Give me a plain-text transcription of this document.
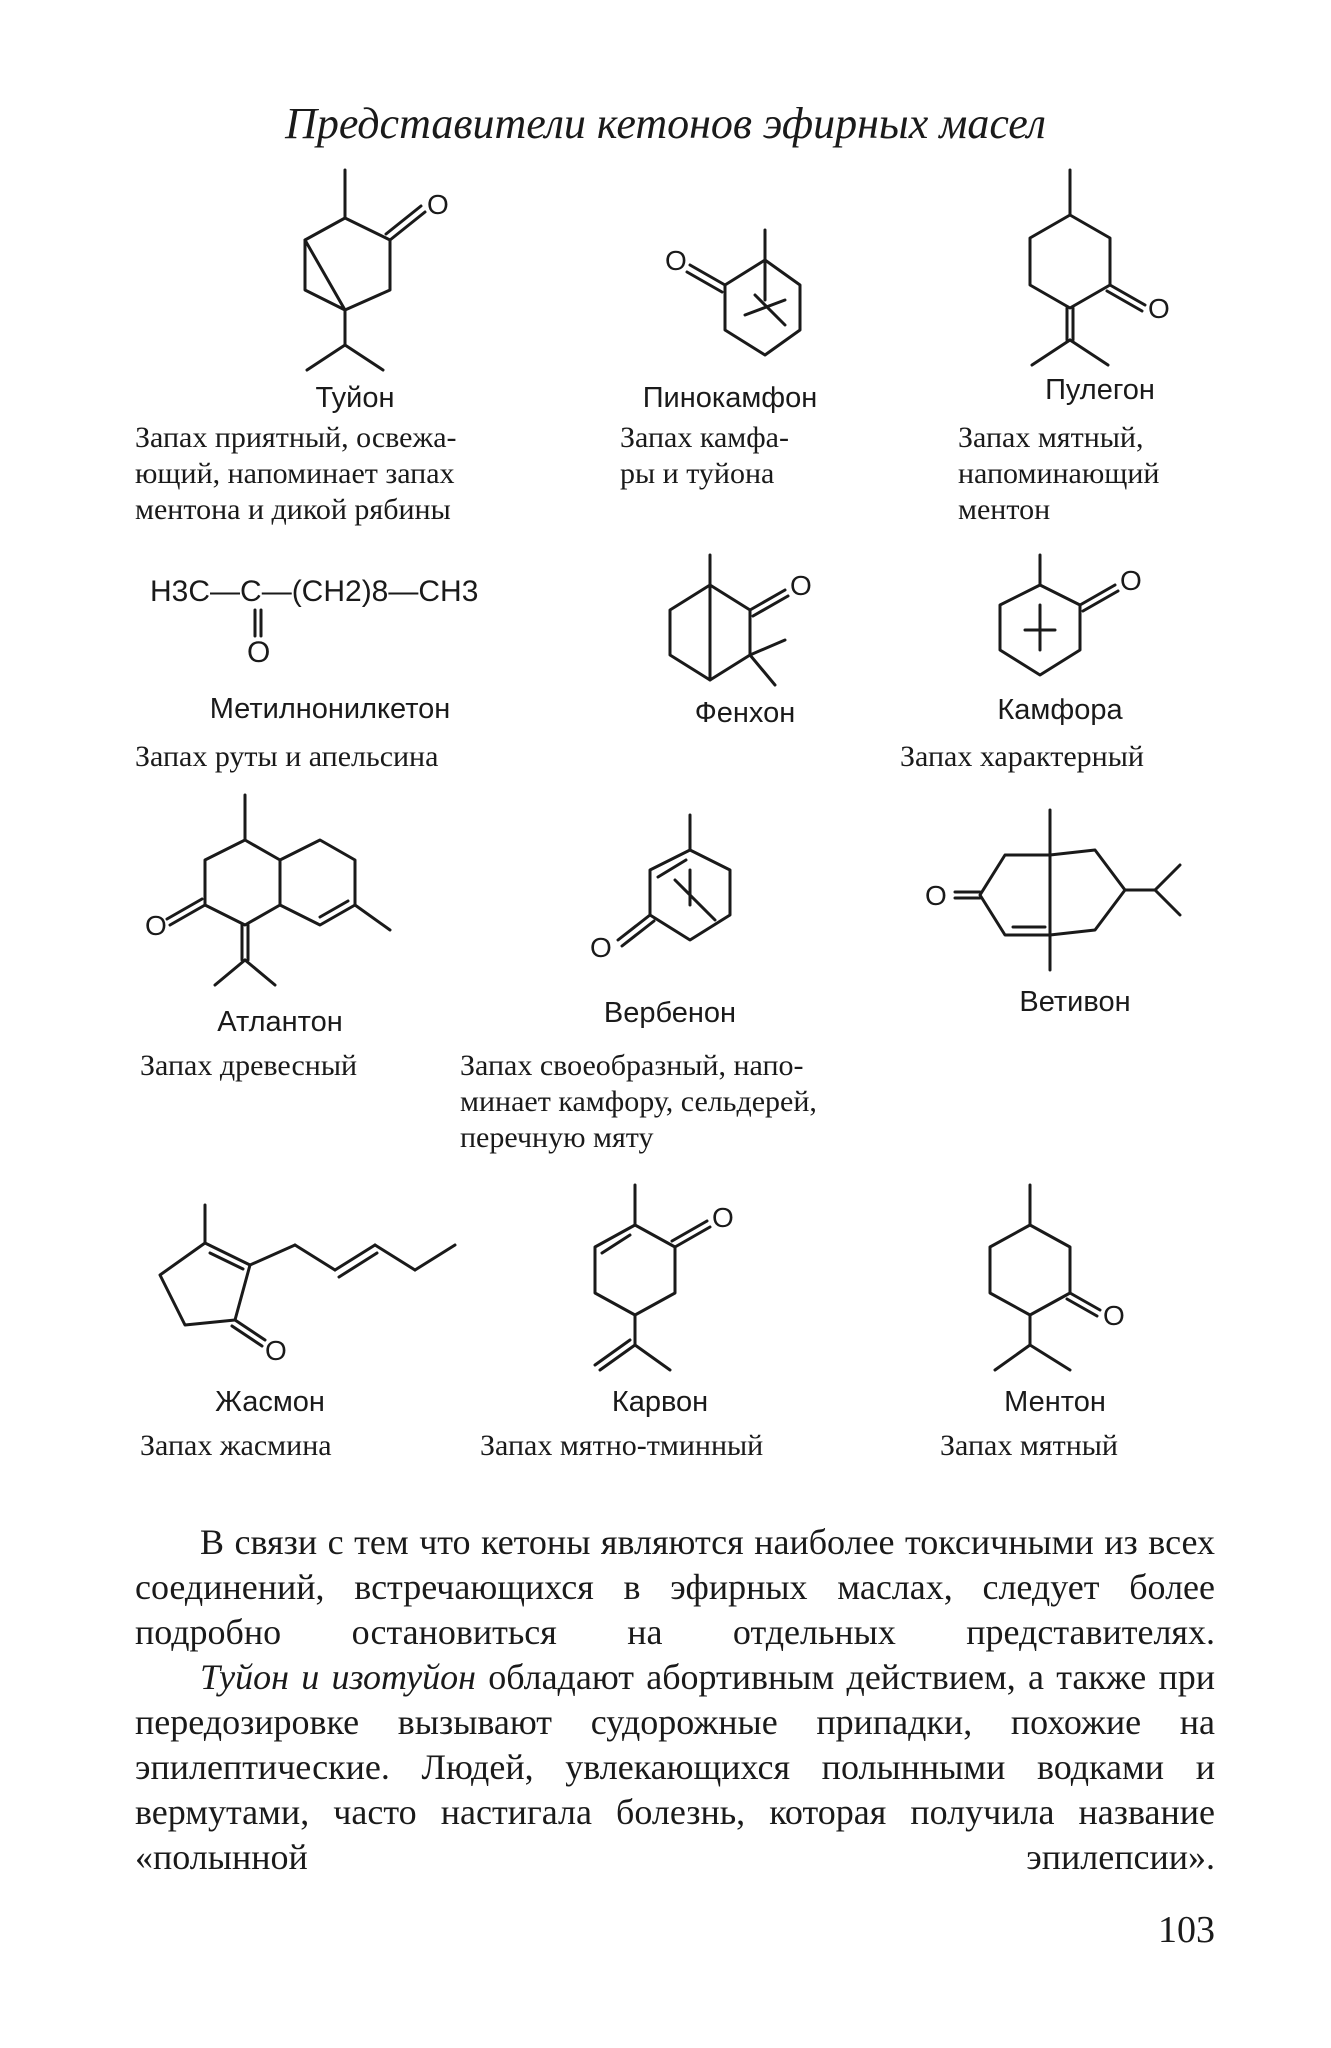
Представители кетонов эфирных масел
O
Туйон
Запах приятный, освежа-
ющий, напоминает запах
ментона и дикой рябины
O
Пинокамфон
Запах камфа-
ры и туйона
O
Пулегон
Запах мятный,
напоминающий
ментон
H3C—C—(CH2)8—CH3
O
Метилнонилкетон
Запах руты и апельсина
O
Фенхон
O
Камфора
Запах характерный
O
Атлантон
Запах древесный
O
Вербенон
Запах своеобразный, напо-
минает камфору, сельдерей,
перечную мяту
O
Ветивон
O
Жасмон
Запах жасмина
O
Карвон
Запах мятно-тминный
O
Ментон
Запах мятный

В связи с тем что кетоны являются наиболее токсичными из всех соединений, встречающихся в эфирных маслах, следует более подробно остановиться на отдельных представителях.

Туйон и изотуйон обладают абортивным действием, а также при передозировке вызывают судорожные припадки, похожие на эпилептические. Людей, увлекающихся полынными водками и вермутами, часто настигала болезнь, которая получила название «полынной эпилепсии».

103
